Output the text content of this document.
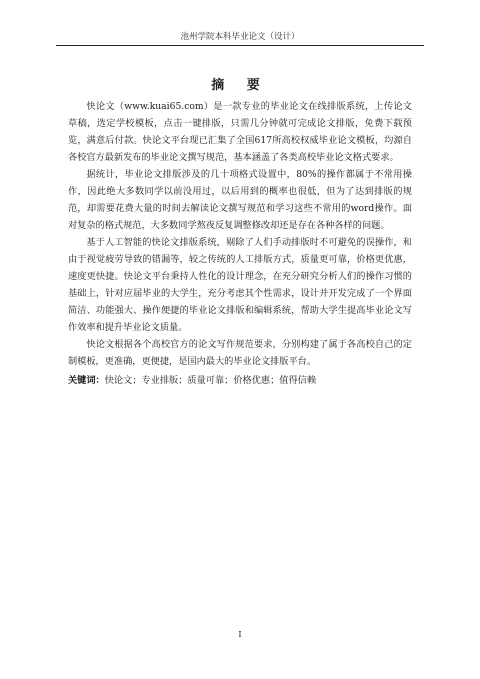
池州学院本科毕业论文（设计）
摘 要

快论文（www.kuai65.com）是一款专业的毕业论文在线排版系统，上传论文草稿，选定学校模板，点击一键排版，只需几分钟就可完成论文排版，免费下载预览，满意后付款。快论文平台现已汇集了全国617所高校权威毕业论文模板，均源自各校官方最新发布的毕业论文撰写规范，基本涵盖了各类高校毕业论文格式要求。

据统计，毕业论文排版涉及的几十项格式设置中，80%的操作都属于不常用操作，因此绝大多数同学以前没用过，以后用到的概率也很低，但为了达到排版的规范，却需要花费大量的时间去解读论文撰写规范和学习这些不常用的word操作。面对复杂的格式规范，大多数同学熬夜反复调整修改却还是存在各种各样的问题。

基于人工智能的快论文排版系统，剔除了人们手动排版时不可避免的误操作，和由于视觉疲劳导致的错漏等，较之传统的人工排版方式，质量更可靠，价格更优惠，速度更快捷。快论文平台秉持人性化的设计理念，在充分研究分析人们的操作习惯的基础上，针对应届毕业的大学生，充分考虑其个性需求，设计并开发完成了一个界面简洁、功能强大、操作便捷的毕业论文排版和编辑系统，帮助大学生提高毕业论文写作效率和提升毕业论文质量。

快论文根据各个高校官方的论文写作规范要求，分别构建了属于各高校自己的定制模板，更准确，更便捷，是国内最大的毕业论文排版平台。

关键词：快论文；专业排版；质量可靠；价格优惠；值得信赖
I
